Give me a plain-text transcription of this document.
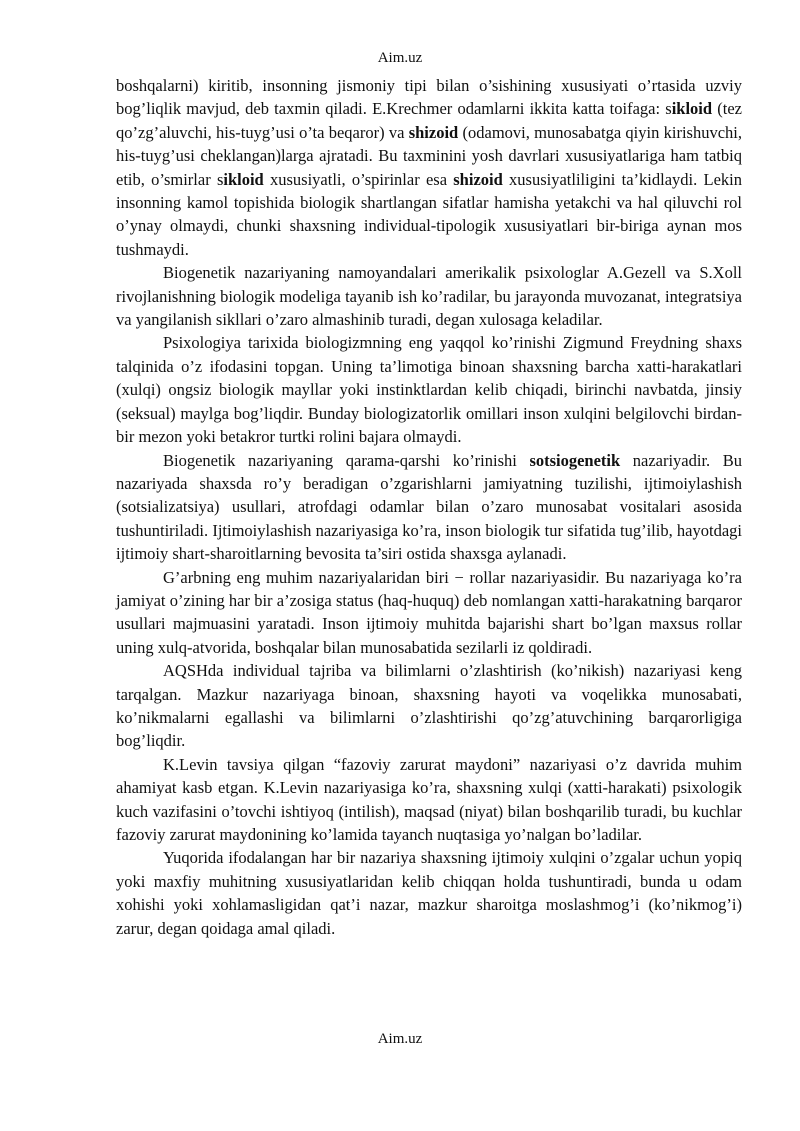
Aim.uz

boshqalarni) kiritib, insonning jismoniy tipi bilan o’sishining xususiyati o’rtasida uzviy bog’liqlik mavjud, deb taxmin qiladi. E.Krechmer odamlarni ikkita katta toifaga: sikloid (tez qo’zg’aluvchi, his-tuyg’usi o’ta beqaror) va shizoid (odamovi, munosabatga qiyin kirishuvchi, his-tuyg’usi cheklangan)larga ajratadi. Bu taxminini yosh davrlari xususiyatlariga ham tatbiq etib, o’smirlar sikloid xususiyatli, o’spirinlar esa shizoid xususiyatliligini ta’kidlaydi. Lekin insonning kamol topishida biologik shartlangan sifatlar hamisha yetakchi va hal qiluvchi rol o’ynay olmaydi, chunki shaxsning individual-tipologik xususiyatlari bir-biriga aynan mos tushmaydi.

Biogenetik nazariyaning namoyandalari amerikalik psixologlar A.Gezell va S.Xoll rivojlanishning biologik modeliga tayanib ish ko’radilar, bu jarayonda muvozanat, integratsiya va yangilanish sikllari o’zaro almashinib turadi, degan xulosaga keladilar.

Psixologiya tarixida biologizmning eng yaqqol ko’rinishi Zigmund Freydning shaxs talqinida o’z ifodasini topgan. Uning ta’limotiga binoan shaxsning barcha xatti-harakatlari (xulqi) ongsiz biologik mayllar yoki instinktlardan kelib chiqadi, birinchi navbatda, jinsiy (seksual) maylga bog’liqdir. Bunday biologizatorlik omillari inson xulqini belgilovchi birdan-bir mezon yoki betakror turtki rolini bajara olmaydi.

Biogenetik nazariyaning qarama-qarshi ko’rinishi sotsiogenetik nazariyadir. Bu nazariyada shaxsda ro’y beradigan o’zgarishlarni jamiyatning tuzilishi, ijtimoiylashish (sotsializatsiya) usullari, atrofdagi odamlar bilan o’zaro munosabat vositalari asosida tushuntiriladi. Ijtimoiylashish nazariyasiga ko’ra, inson biologik tur sifatida tug’ilib, hayotdagi ijtimoiy shart-sharoitlarning bevosita ta’siri ostida shaxsga aylanadi.

G’arbning eng muhim nazariyalaridan biri − rollar nazariyasidir. Bu nazariyaga ko’ra jamiyat o’zining har bir a’zosiga status (haq-huquq) deb nomlangan xatti-harakatning barqaror usullari majmuasini yaratadi. Inson ijtimoiy muhitda bajarishi shart bo’lgan maxsus rollar uning xulq-atvorida, boshqalar bilan munosabatida sezilarli iz qoldiradi.

AQSHda individual tajriba va bilimlarni o’zlashtirish (ko’nikish) nazariyasi keng tarqalgan. Mazkur nazariyaga binoan, shaxsning hayoti va voqelikka munosabati, ko’nikmalarni egallashi va bilimlarni o’zlashtirishi qo’zg’atuvchining barqarorligiga bog’liqdir.

K.Levin tavsiya qilgan “fazoviy zarurat maydoni” nazariyasi o’z davrida muhim ahamiyat kasb etgan. K.Levin nazariyasiga ko’ra, shaxsning xulqi (xatti-harakati) psixologik kuch vazifasini o’tovchi ishtiyoq (intilish), maqsad (niyat) bilan boshqarilib turadi, bu kuchlar fazoviy zarurat maydonining ko’lamida tayanch nuqtasiga yo’nalgan bo’ladilar.

Yuqorida ifodalangan har bir nazariya shaxsning ijtimoiy xulqini o’zgalar uchun yopiq yoki maxfiy muhitning xususiyatlaridan kelib chiqqan holda tushuntiradi, bunda u odam xohishi yoki xohlamasligidan qat’i nazar, mazkur sharoitga moslashmog’i (ko’nikmog’i) zarur, degan qoidaga amal qiladi.

Aim.uz
